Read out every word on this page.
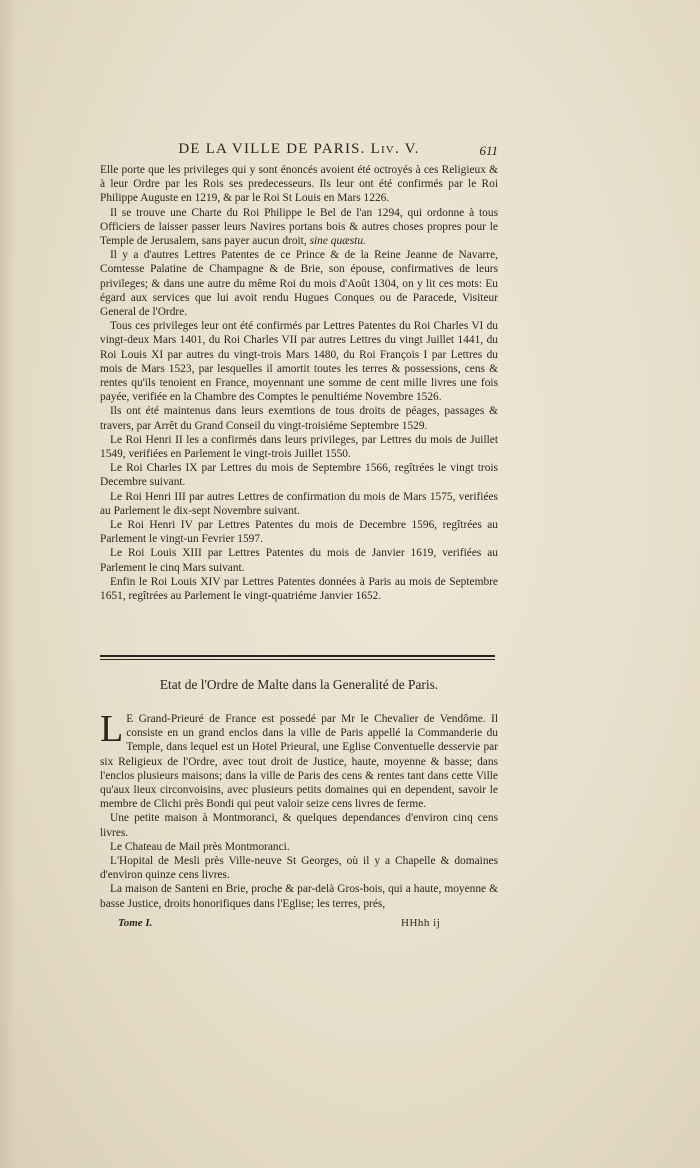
DE LA VILLE DE PARIS. Liv. V.	611

Elle porte que les privileges qui y sont énoncés avoient été octroyés à ces Religieux & à leur Ordre par les Rois ses predecesseurs. Ils leur ont été confirmés par le Roi Philippe Auguste en 1219, & par le Roi St Louis en Mars 1226.

Il se trouve une Charte du Roi Philippe le Bel de l'an 1294, qui ordonne à tous Officiers de laisser passer leurs Navires portans bois & autres choses propres pour le Temple de Jerusalem, sans payer aucun droit, sine quæstu.

Il y a d'autres Lettres Patentes de ce Prince & de la Reine Jeanne de Navarre, Comtesse Palatine de Champagne & de Brie, son épouse, confirmatives de leurs privileges; & dans une autre du même Roi du mois d'Août 1304, on y lit ces mots: Eu égard aux services que lui avoit rendu Hugues Conques ou de Paracede, Visiteur General de l'Ordre.

Tous ces privileges leur ont été confirmés par Lettres Patentes du Roi Charles VI du vingt-deux Mars 1401, du Roi Charles VII par autres Lettres du vingt Juillet 1441, du Roi Louis XI par autres du vingt-trois Mars 1480, du Roi François I par Lettres du mois de Mars 1523, par lesquelles il amortit toutes les terres & possessions, cens & rentes qu'ils tenoient en France, moyennant une somme de cent mille livres une fois payée, verifiée en la Chambre des Comptes le penultiéme Novembre 1526.

Ils ont été maintenus dans leurs exemtions de tous droits de péages, passages & travers, par Arrêt du Grand Conseil du vingt-troisiéme Septembre 1529.

Le Roi Henri II les a confirmés dans leurs privileges, par Lettres du mois de Juillet 1549, verifiées en Parlement le vingt-trois Juillet 1550.

Le Roi Charles IX par Lettres du mois de Septembre 1566, regîtrées le vingt trois Decembre suivant.

Le Roi Henri III par autres Lettres de confirmation du mois de Mars 1575, verifiées au Parlement le dix-sept Novembre suivant.

Le Roi Henri IV par Lettres Patentes du mois de Decembre 1596, regîtrées au Parlement le vingt-un Fevrier 1597.

Le Roi Louis XIII par Lettres Patentes du mois de Janvier 1619, verifiées au Parlement le cinq Mars suivant.

Enfin le Roi Louis XIV par Lettres Patentes données à Paris au mois de Septembre 1651, regîtrées au Parlement le vingt-quatriéme Janvier 1652.

Etat de l'Ordre de Malte dans la Generalité de Paris.

L E Grand-Prieuré de France est possedé par Mr le Chevalier de Vendôme. Il consiste en un grand enclos dans la ville de Paris appellé la Commanderie du Temple, dans lequel est un Hotel Prieural, une Eglise Conventuelle desservie par six Religieux de l'Ordre, avec tout droit de Justice, haute, moyenne & basse; dans l'enclos plusieurs maisons; dans la ville de Paris des cens & rentes tant dans cette Ville qu'aux lieux circonvoisins, avec plusieurs petits domaines qui en dependent, savoir le membre de Clichi près Bondi qui peut valoir seize cens livres de ferme.

Une petite maison à Montmoranci, & quelques dependances d'environ cinq cens livres.

Le Chateau de Mail près Montmoranci.

L'Hopital de Mesli près Ville-neuve St Georges, où il y a Chapelle & domaines d'environ quinze cens livres.

La maison de Santeni en Brie, proche & par-delà Gros-bois, qui a haute, moyenne & basse Justice, droits honorifiques dans l'Eglise; les terres, prés,

Tome I.	HHhh ij
